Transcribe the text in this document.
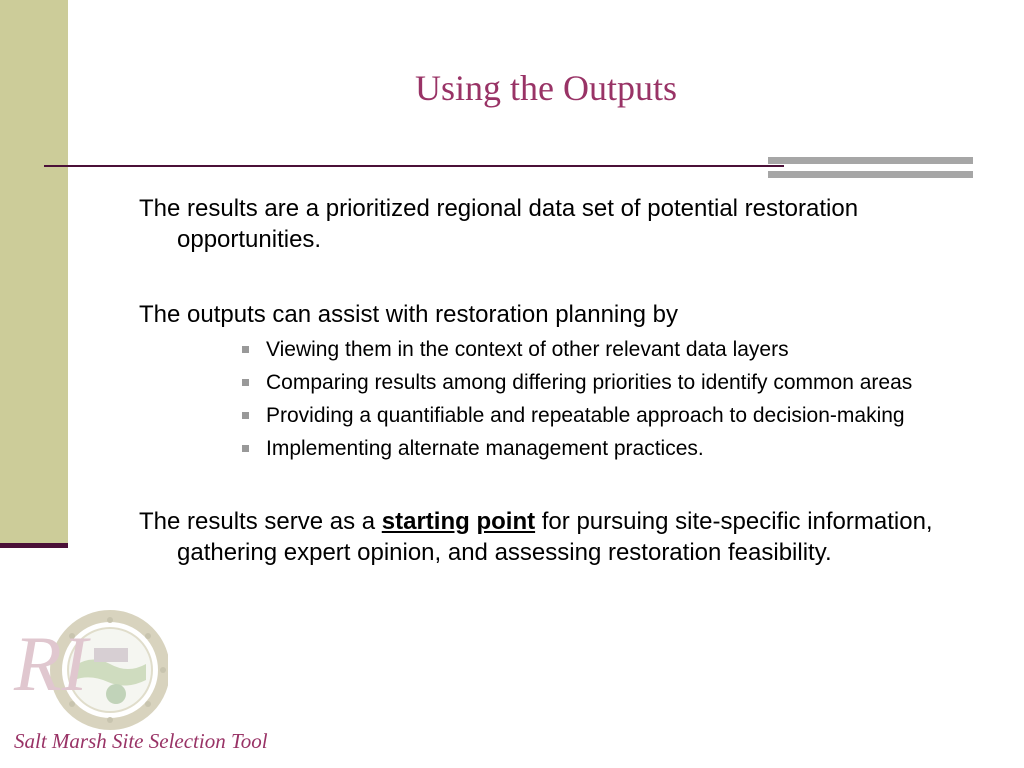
Using the Outputs

The results are a prioritized regional data set of potential restoration opportunities.

The outputs can assist with restoration planning by

Viewing them in the context of other relevant data layers
Comparing results among differing priorities to identify common areas
Providing a quantifiable and repeatable approach to decision-making
Implementing alternate management practices.

The results serve as a starting point for pursuing site-specific information, gathering expert opinion, and assessing restoration feasibility.

RI
Salt Marsh Site Selection Tool
